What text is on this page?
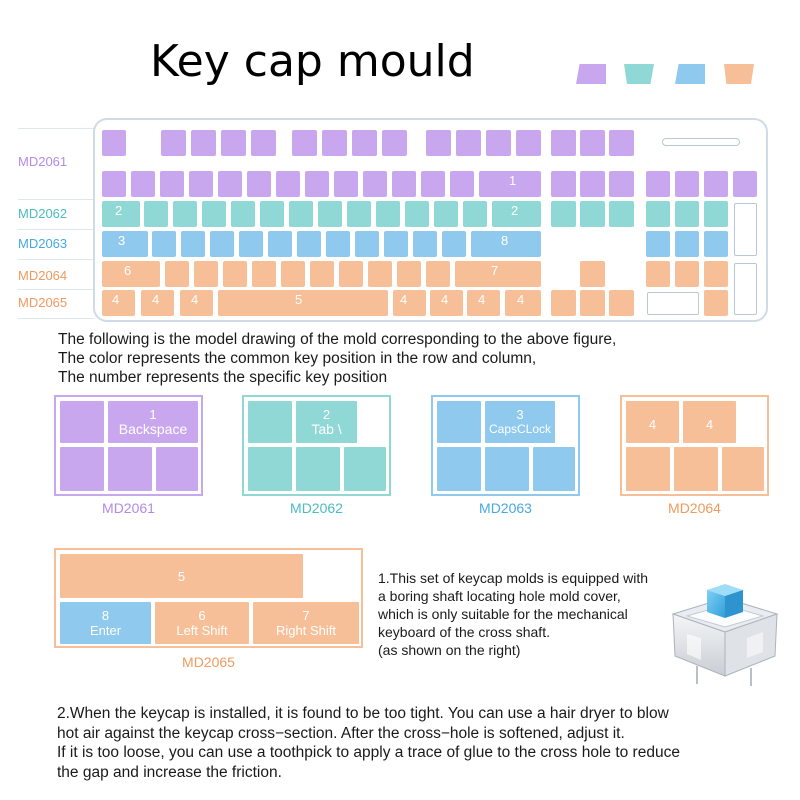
Key cap mould
MD2061
MD2062
MD2063
MD2064
MD2065
1
2	2
3	8
6	7
4	4	4	5	4	4	4	4
The following is the model drawing of the mold corresponding to the above figure,
The color represents the common key position in the row and column,
The number represents the specific key position
1
Backspace
MD2061
2
Tab \
MD2062
3
CapsCLock
MD2063
4	4
MD2064
5
8
Enter
6
Left Shift
7
Right Shift
MD2065
1.This set of keycap molds is equipped with
a boring shaft locating hole mold cover,
which is only suitable for the mechanical
keyboard of the cross shaft.
(as shown on the right)
2.When the keycap is installed, it is found to be too tight. You can use a hair dryer to blow
hot air against the keycap cross−section. After the cross−hole is softened, adjust it.
If it is too loose, you can use a toothpick to apply a trace of glue to the cross hole to reduce
the gap and increase the friction.
